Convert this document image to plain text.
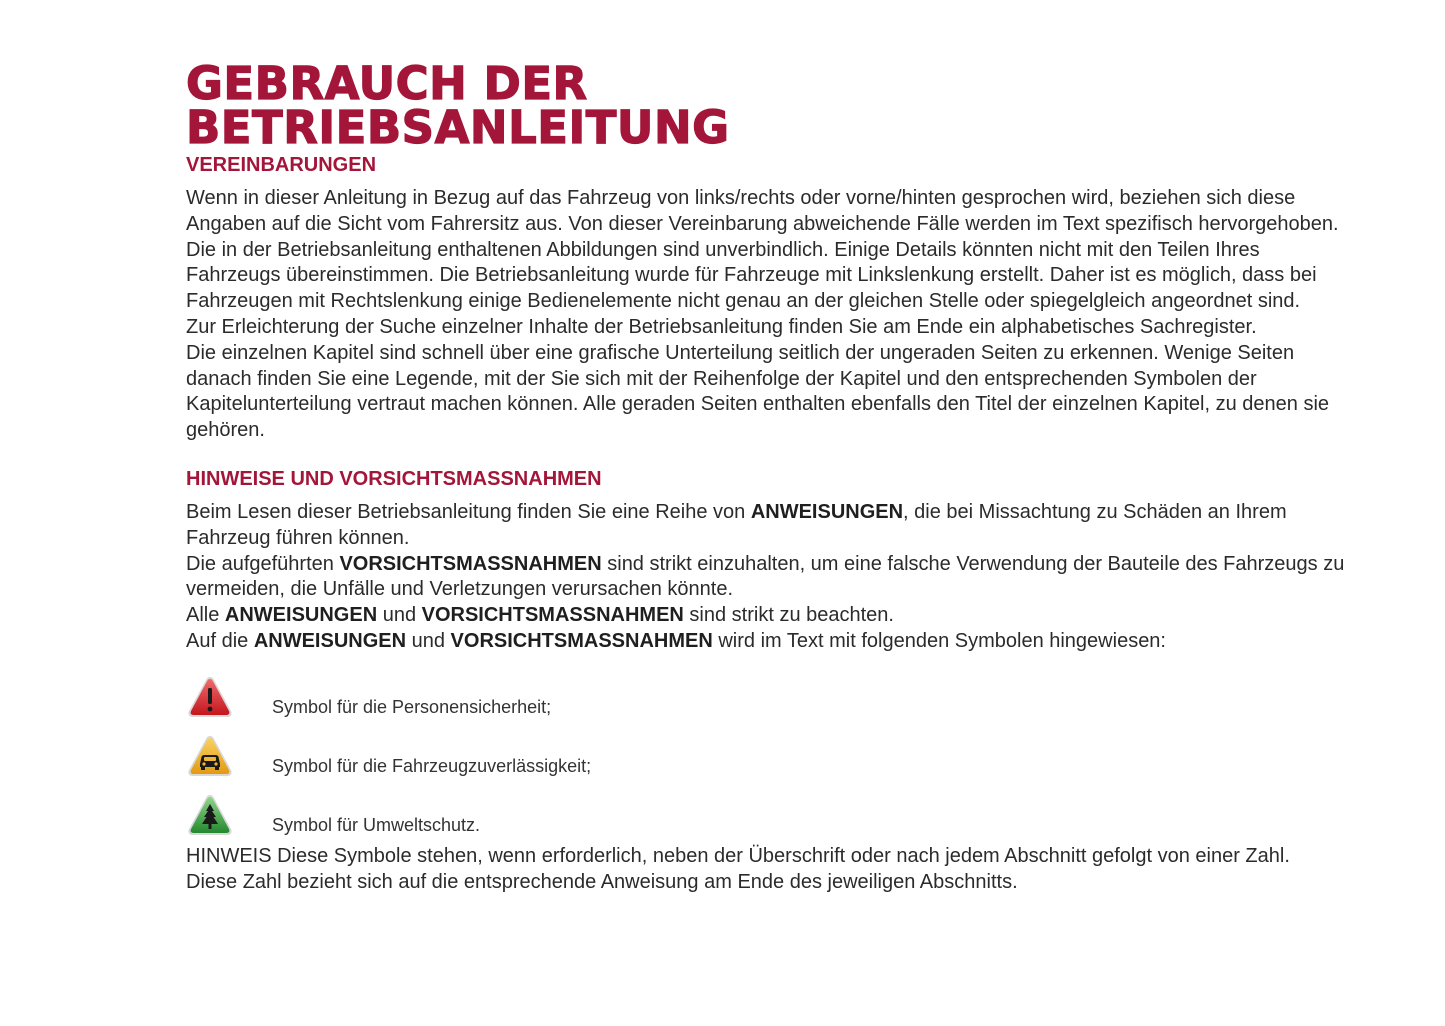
GEBRAUCH DER
BETRIEBSANLEITUNG
VEREINBARUNGEN

Wenn in dieser Anleitung in Bezug auf das Fahrzeug von links/rechts oder vorne/hinten gesprochen wird, beziehen sich diese Angaben auf die Sicht vom Fahrersitz aus. Von dieser Vereinbarung abweichende Fälle werden im Text spezifisch hervorgehoben.

Die in der Betriebsanleitung enthaltenen Abbildungen sind unverbindlich. Einige Details könnten nicht mit den Teilen Ihres Fahrzeugs übereinstimmen. Die Betriebsanleitung wurde für Fahrzeuge mit Linkslenkung erstellt. Daher ist es möglich, dass bei Fahrzeugen mit Rechtslenkung einige Bedienelemente nicht genau an der gleichen Stelle oder spiegelgleich angeordnet sind.

Zur Erleichterung der Suche einzelner Inhalte der Betriebsanleitung finden Sie am Ende ein alphabetisches Sachregister.

Die einzelnen Kapitel sind schnell über eine grafische Unterteilung seitlich der ungeraden Seiten zu erkennen. Wenige Seiten danach finden Sie eine Legende, mit der Sie sich mit der Reihenfolge der Kapitel und den entsprechenden Symbolen der Kapitelunterteilung vertraut machen können. Alle geraden Seiten enthalten ebenfalls den Titel der einzelnen Kapitel, zu denen sie gehören.

HINWEISE UND VORSICHTSMASSNAHMEN

Beim Lesen dieser Betriebsanleitung finden Sie eine Reihe von ANWEISUNGEN, die bei Missachtung zu Schäden an Ihrem Fahrzeug führen können.

Die aufgeführten VORSICHTSMASSNAHMEN sind strikt einzuhalten, um eine falsche Verwendung der Bauteile des Fahrzeugs zu vermeiden, die Unfälle und Verletzungen verursachen könnte.

Alle ANWEISUNGEN und VORSICHTSMASSNAHMEN sind strikt zu beachten.

Auf die ANWEISUNGEN und VORSICHTSMASSNAHMEN wird im Text mit folgenden Symbolen hingewiesen:

Symbol für die Personensicherheit;
Symbol für die Fahrzeugzuverlässigkeit;
Symbol für Umweltschutz.

HINWEIS Diese Symbole stehen, wenn erforderlich, neben der Überschrift oder nach jedem Abschnitt gefolgt von einer Zahl.

Diese Zahl bezieht sich auf die entsprechende Anweisung am Ende des jeweiligen Abschnitts.
